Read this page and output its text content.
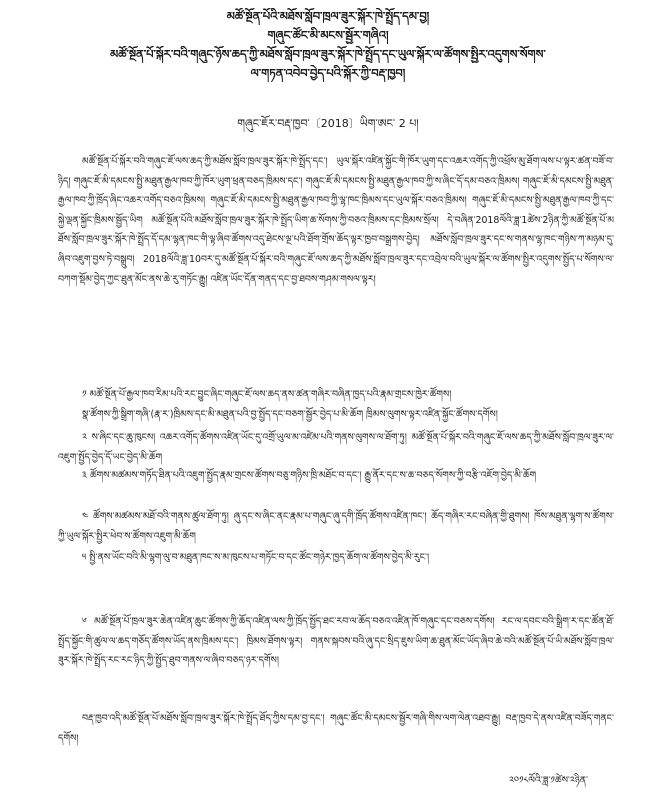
མཚོ་སྔོན་པོའི་མཐོས་སློབ་ཁྲལ་ཟུར་སྐོར་ཁེ་སྤྲོད་དམ་བྱ།
གཞུང་ཚོང་མི་མངས་སྦྱོར་གཞིའ།
མཚོ་སྔོན་པོ་སྐོར་བའི་གཞུང་ཉོས་ཆད་ཀྱི་མཐོས་སློབ་ཁྲལ་ཟུར་སྐོར་ཁེ་སྤྲོད་དང་ཡུལ་སྐོར་ལ་ཚོགས་སྤྱིར་འདུགས་སོགས་
ལ་གཏན་འབེབ་བྱེད་པའི་སྐོར་ཀྱི་བརྡ་ཁྱབ།
གཞུང་ཇོར་བརྡ་ཁྱབ་〔2018〕ཡིག་ཨང་ 2 པ།
མཚོ་སྔོན་པོ་སྐོར་བའི་གཞུང་ཇོ་ལས་ཆད་ཀྱི་མཐོས་སློབ་ཁྲལ་ཟུར་སྐོར་ཁེ་སྤྲོད་དང་། ཡུལ་སྐོར་འཛིན་སྐྱོང་གི་ཁོར་ཡུག་དང་འཆར་འགོད་ཀྱི་འཕྲོས་མུ་ཐོག་ལས་པ་ལྟར་ཚན་བཟོ་བ་ཉིད། གཞུང་ཇོ་མི་དམངས་སྤྱི་མཐུན་རྒྱལ་ཁབ་ཀྱི་ཁོར་ཡུག་ཕྲན་བཅད་ཁྲིམས་དང་། གཞུང་ཇོ་མི་དམངས་སྤྱི་མཐུན་རྒྱལ་ཁབ་ཀྱི་ས་ཞིང་དོ་དམ་བཅའ་ཁྲིམས། གཞུང་ཇོ་མི་དམངས་སྤྱི་མཐུན་རྒྱལ་ཁབ་ཀྱི་ཁྲོད་ཞིང་འཆར་འགོད་བཅའ་ཁྲིམས། གཞུང་ཇོ་མི་དམངས་སྤྱི་མཐུན་རྒྱལ་ཁབ་ཀྱི་ལྷ་ཁང་ཁྲིམས་དང་ཡུལ་སྐོར་བཅའ་ཁྲིམས། གཞུང་ཇོ་མི་དམངས་སྤྱི་མཐུན་རྒྱལ་ཁབ་ཀྱི་དང་སྐྱེ་ལྡན་སྐྱོང་ཁྲིམས་སྦྱོད་ཡིག མཚོ་སྔོན་པོའི་མཐོས་སློབ་ཁྲལ་ཟུར་སྐོར་ཁེ་སྤྲོད་ཡིག་ཆ་སོགས་ཀྱི་བཅའ་ཁྲིམས་དང་ཁྲིམས་སྲོལ། དེ་བཞིན་2018ལོའི་ཟླ་1ཚེས་2ཉིན་ཀྱི་མཚོ་སྔོན་པོ་མཐོས་སློབ་ཁྲལ་ཟུར་སྐོར་ཁེ་སྤྲོད་དོ་དམ་ལྷན་ཁང་གི་ལྟ་ཞིབ་ཚོགས་འདུ་ཐེངས་ལྔ་པའི་ཐོག་གྲོས་ཆོད་ལྟར་ཁྱབ་བསྒྲགས་བྱེད། མཐོས་སློབ་ཁྲལ་ཟུར་དང་ས་གནས་ལྷ་ཁང་གཉིས་ཀ་མཉམ་དུ་ཞིབ་འཇུག་བྱས་ཏེ་བསྒྲུབ། 2018ལོའི་ཟླ་10བར་དུ་མཚོ་སྔོན་པོ་སྐོར་བའི་གཞུང་ཇོ་ལས་ཆད་ཀྱི་མཐོས་སློབ་ཁྲལ་ཟུར་དང་འབྲེལ་བའི་ཡུལ་སྐོར་ལ་ཚོགས་སྤྱིར་འདུགས་སྤྱོད་པ་སོགས་ལ་བཀག་སྡོམ་བྱེད་ཀྱང་ཐུན་མོང་ནས་ཆེ་རུ་གཏོང་རྒྱུ། འཛིན་ཡོང་དོན་གནད་དང་བྱ་ཐབས་གཤམ་གསལ་ལྟར།
༡ མཚོ་སྔོན་པོ་རྒྱལ་ཁབ་རིམ་པའི་རང་བྱུང་ཞིང་གཞུང་ཇོ་ལས་ཆད་ནས་ཚན་གཞིར་བཞིན་ཁྱད་པའི་རྣམ་གྲངས་ཁྱེར་ཚོགས།
སྣ་ཚོགས་ཀྱི་སྒྲིག་གཞི་(རྣ་ར་)ཁྲིམས་དང་མི་མཐུན་པའི་བྱ་སྤྱོད་དང་བཅག་སྦྱོར་བྱེད་པ་མི་ཆོག ཁྲིམས་ལུགས་ལྟར་འཛིན་སྐྱོང་ཚོགས་དགོས།
༢ ས་ཞིང་དང་ཆུ་ཁུངས། འཆར་འགོད་ཚོགས་འཛིན་ཡོང་དུ་འགྲོ་ཡུལ་མ་འཛེམ་པའི་གནས་ལུགས་ལ་ཐོག་ཏུ། མཚོ་སྔོན་པོ་སྐོར་བའི་གཞུང་ཇོ་ལས་ཆད་ཀྱི་མཐོས་སློབ་ཁྲལ་ཟུར་ལ་འཇུག་སྤྱོད་བྱེད་དོ་ཡང་བྱེད་མི་ཆོག
༣ ཚོགས་མཚམས་གཏོད་ཐིན་པའི་འཇུག་སྤྱོད་རྣམ་གྲངས་ཚོགས་བཅུ་གཉིས་ཁྲི་མཐོང་བ་དང་། རྒྱུ་ནོར་དང་ས་ཆ་བཅད་སོགས་ཀྱི་བརྩི་འཇོག་བྱེད་མི་ཆོག
༤ ཚོགས་མཚམས་མཐོ་བའི་གནས་ཚུལ་ཐོག་ཏུ། ཞུ་དང་ས་ཞིང་ནང་རྣམ་པ་གཞུང་ཞུ་དགི་ཁྲོད་ཚོགས་འཛིན་ཁང་། ཆོད་གཞིར་རང་བཞིན་གྱི་ཐུགས། ཁོས་མཐུན་ལྷག་ས་ཚོགས་ཀྱི་ཡུལ་སྐོར་སྤྱིར་ཕེབ་ས་ཚོགས་འཇུག་མི་ཆོག
༥ སྤྱི་ནས་ཡོང་བའི་མི་ལྷག་ལུ་བ་མཐུན་ཁང་ས་མ་ཁུངས་པ་གཏོང་བ་དང་ཚོང་གཉེར་ཁྱད་ཆོག་ལ་ཚོགས་བྱེད་མི་རུང་།
༦ མཚོ་སྔོན་པོ་ཁྲལ་ཟུར་ཆེན་འཛིན་ཆུང་ཚོགས་ཀྱི་ཆོད་འཛིན་ལས་ཀྱི་ཁྲོད་སྤྱོད་ཐང་རབ་ལ་ཆོད་བཅའ་འཛིན་ཁོ་གཞུང་དང་བཅས་དགོས། རང་ལ་དབང་བའི་སྒྲིག་ར་དང་ཚོན་ཐོ་སྤྲོད་སྐྱོང་གི་ཚུལ་ལ་ཆད་གཅོད་ཚོགས་ཡོད་ནས་ཁྲིམས་དང་། ཁྲིམས་ཐོགས་ལྟར། གནས་སྐབས་བའི་ཞུ་དང་སྲིད་ཇུས་ཡིག་ཆ་ཐུན་མོང་ཡོད་ཞིབ་ཆེ་བའི་མཚོ་སྔོན་པོ་ཡི་མཐོས་སློབ་ཁྲལ་ཟུར་སྐོར་ཁེ་སྤྲོད་རང་རང་ཉིད་ཀྱི་སྤྱོད་ཐུབ་གནས་ལ་ཞིབ་བཅད་ཉར་དགོས།
བརྡ་ཁྱབ་འདི་མཚོ་སྔོན་པོ་མཐོས་སློབ་ཁྲལ་ཟུར་སྐོར་ཁེ་སྤྲོད་ཐོད་ཀྱིས་དམ་བྱ་དང་། གཞུང་ཚོང་མི་དམངས་སྦྱོར་གཞི་གིས་ལག་ལེན་འཐབ་རྒྱུ། བརྡ་ཁྱབ་དེ་ནས་འཛིན་བཟོད་གནང་དགོས།
༢༠༡༨ལོའི་ཟླ་༡ཚེས་༢ཉིན་
